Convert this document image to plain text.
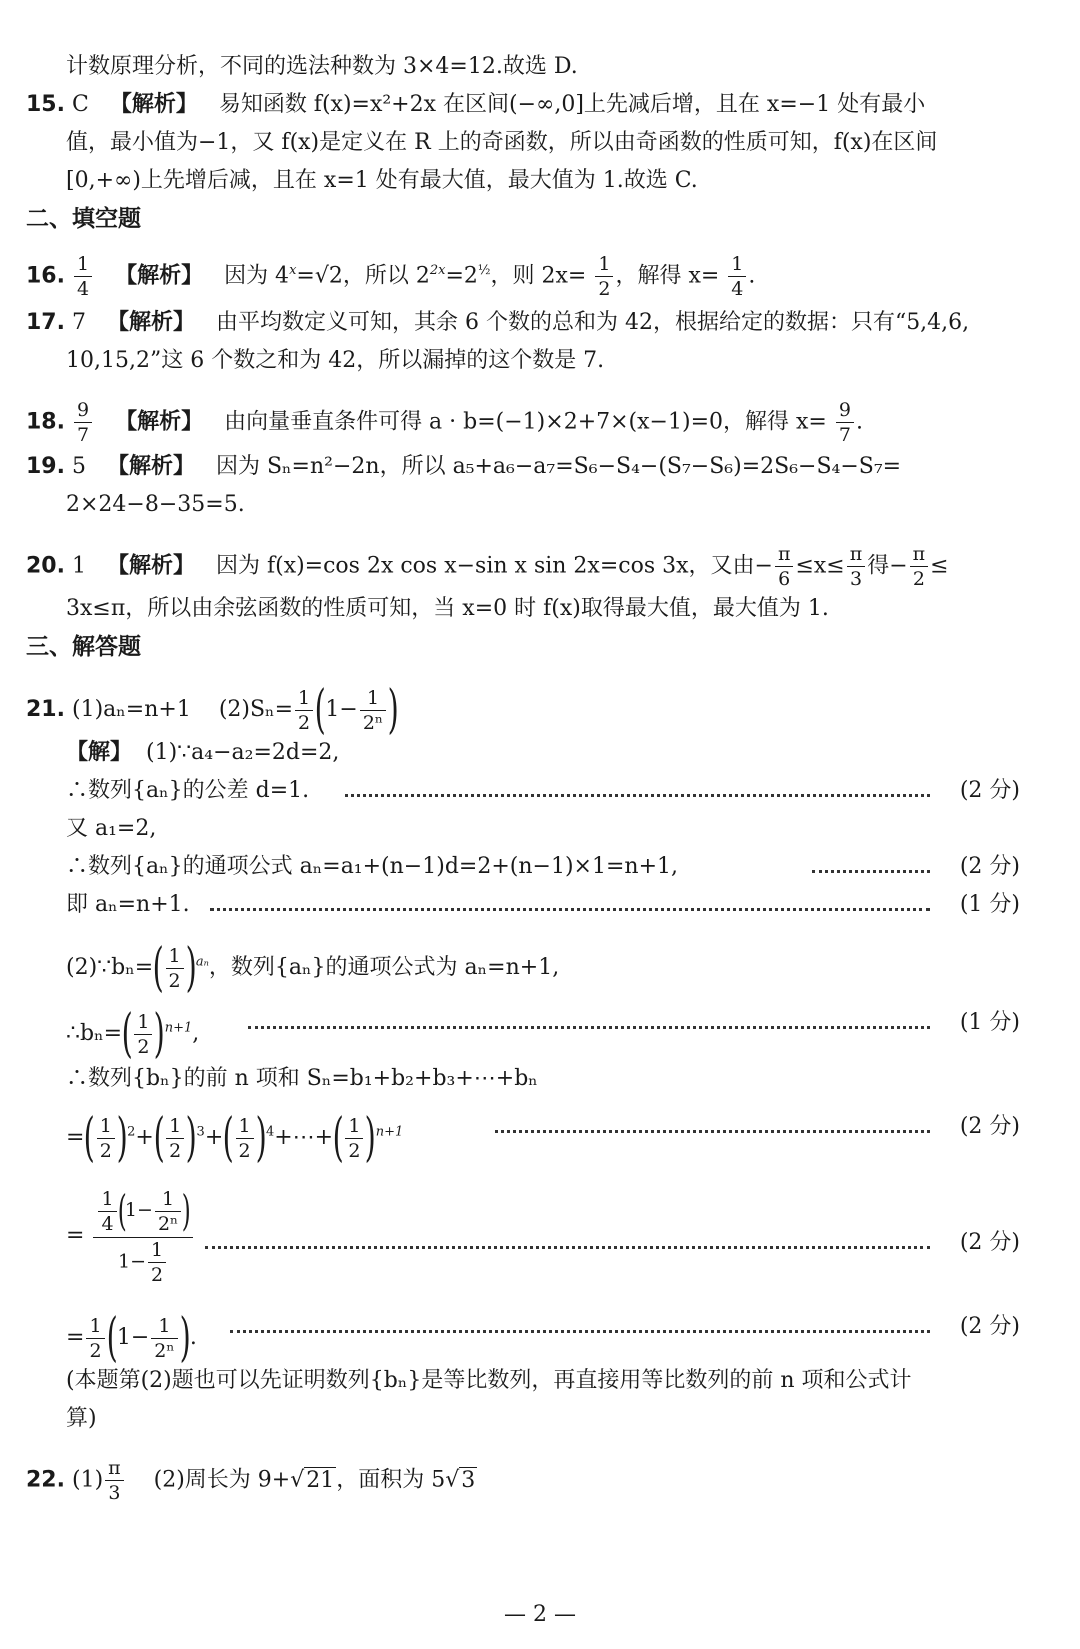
计数原理分析，不同的选法种数为 3×4=12.故选 D.
15. C 【解析】 易知函数 f(x)=x²+2x 在区间(−∞,0]上先减后增，且在 x=−1 处有最小
值，最小值为−1，又 f(x)是定义在 R 上的奇函数，所以由奇函数的性质可知，f(x)在区间
[0,+∞)上先增后减，且在 x=1 处有最大值，最大值为 1.故选 C.
二、填空题
16. $\frac{1}{4}$ 【解析】 因为 $4^x=√2$，所以 $2^{2x}=2^{\frac{1}{2}}$，则 $2x= \frac{1}{2}$ ，解得 $x= \frac{1}{4}$ .
17. 7 【解析】 由平均数定义可知，其余 6 个数的总和为 42，根据给定的数据：只有“5,4,6,
10,15,2”这 6 个数之和为 42，所以漏掉的这个数是 7.
18. $\frac{9}{7}$ 【解析】 由向量垂直条件可得 a · b=(−1)×2+7×(x−1)=0，解得 $x= \frac{9}{7}$ .
19. 5 【解析】 因为 Sₙ=n²−2n，所以 a₅+a₆−a₇=S₆−S₄−(S₇−S₆)=2S₆−S₄−S₇=
2×24−8−35=5.
20. 1 【解析】 因为 f(x)=cos 2x cos x−sin x sin 2x=cos 3x，又由− $\frac{\pi}{6} \le x\le \frac{\pi}{3}$ 得− $\frac{\pi}{2}$ ≤
3x≤π，所以由余弦函数的性质可知，当 x=0 时 f(x)取得最大值，最大值为 1.
三、解答题
21. (1)aₙ=n+1 $(2)S_n= \frac{1}{2} (1- \frac{1}{\text{2ⁿ}}$ )
【解】 (1)∵a₄−a₂=2d=2,
∴数列{aₙ}的公差 d=1.	(2 分)
又 a₁=2,
∴数列{aₙ}的通项公式 aₙ=a₁+(n−1)d=2+(n−1)×1=n+1,	(2 分)
即 aₙ=n+1.	(1 分)
(2)∵bₙ=( $\frac{1}{2} )^{a_n}$，数列{aₙ}的通项公式为 aₙ=n+1,
∴bₙ=( $\frac{1}{2} )^{n+1}$,	(1 分)
∴数列{bₙ}的前 n 项和 Sₙ=b₁+b₂+b₃+⋯+bₙ
=( $\frac{1}{2} )^2+( \frac{1}{2} )^3+( \frac{1}{2}$ )$^4+\cdots+( \frac{1}{2} )^{n+1}$	(2 分)
= $\frac{\frac{1}{4} (1- \frac{1}{\text{2ⁿ}} )}{1- \frac{1}{2}}$	(2 分)
= $\frac{1}{2} (1- \frac{1}{\text{2ⁿ}}$ ).	(2 分)
(本题第(2)题也可以先证明数列{bₙ}是等比数列，再直接用等比数列的前 n 项和公式计
算)
22. $(1) \frac{\pi}{3} (2)$周长为 9+√21，面积为 5√3
— 2 —
